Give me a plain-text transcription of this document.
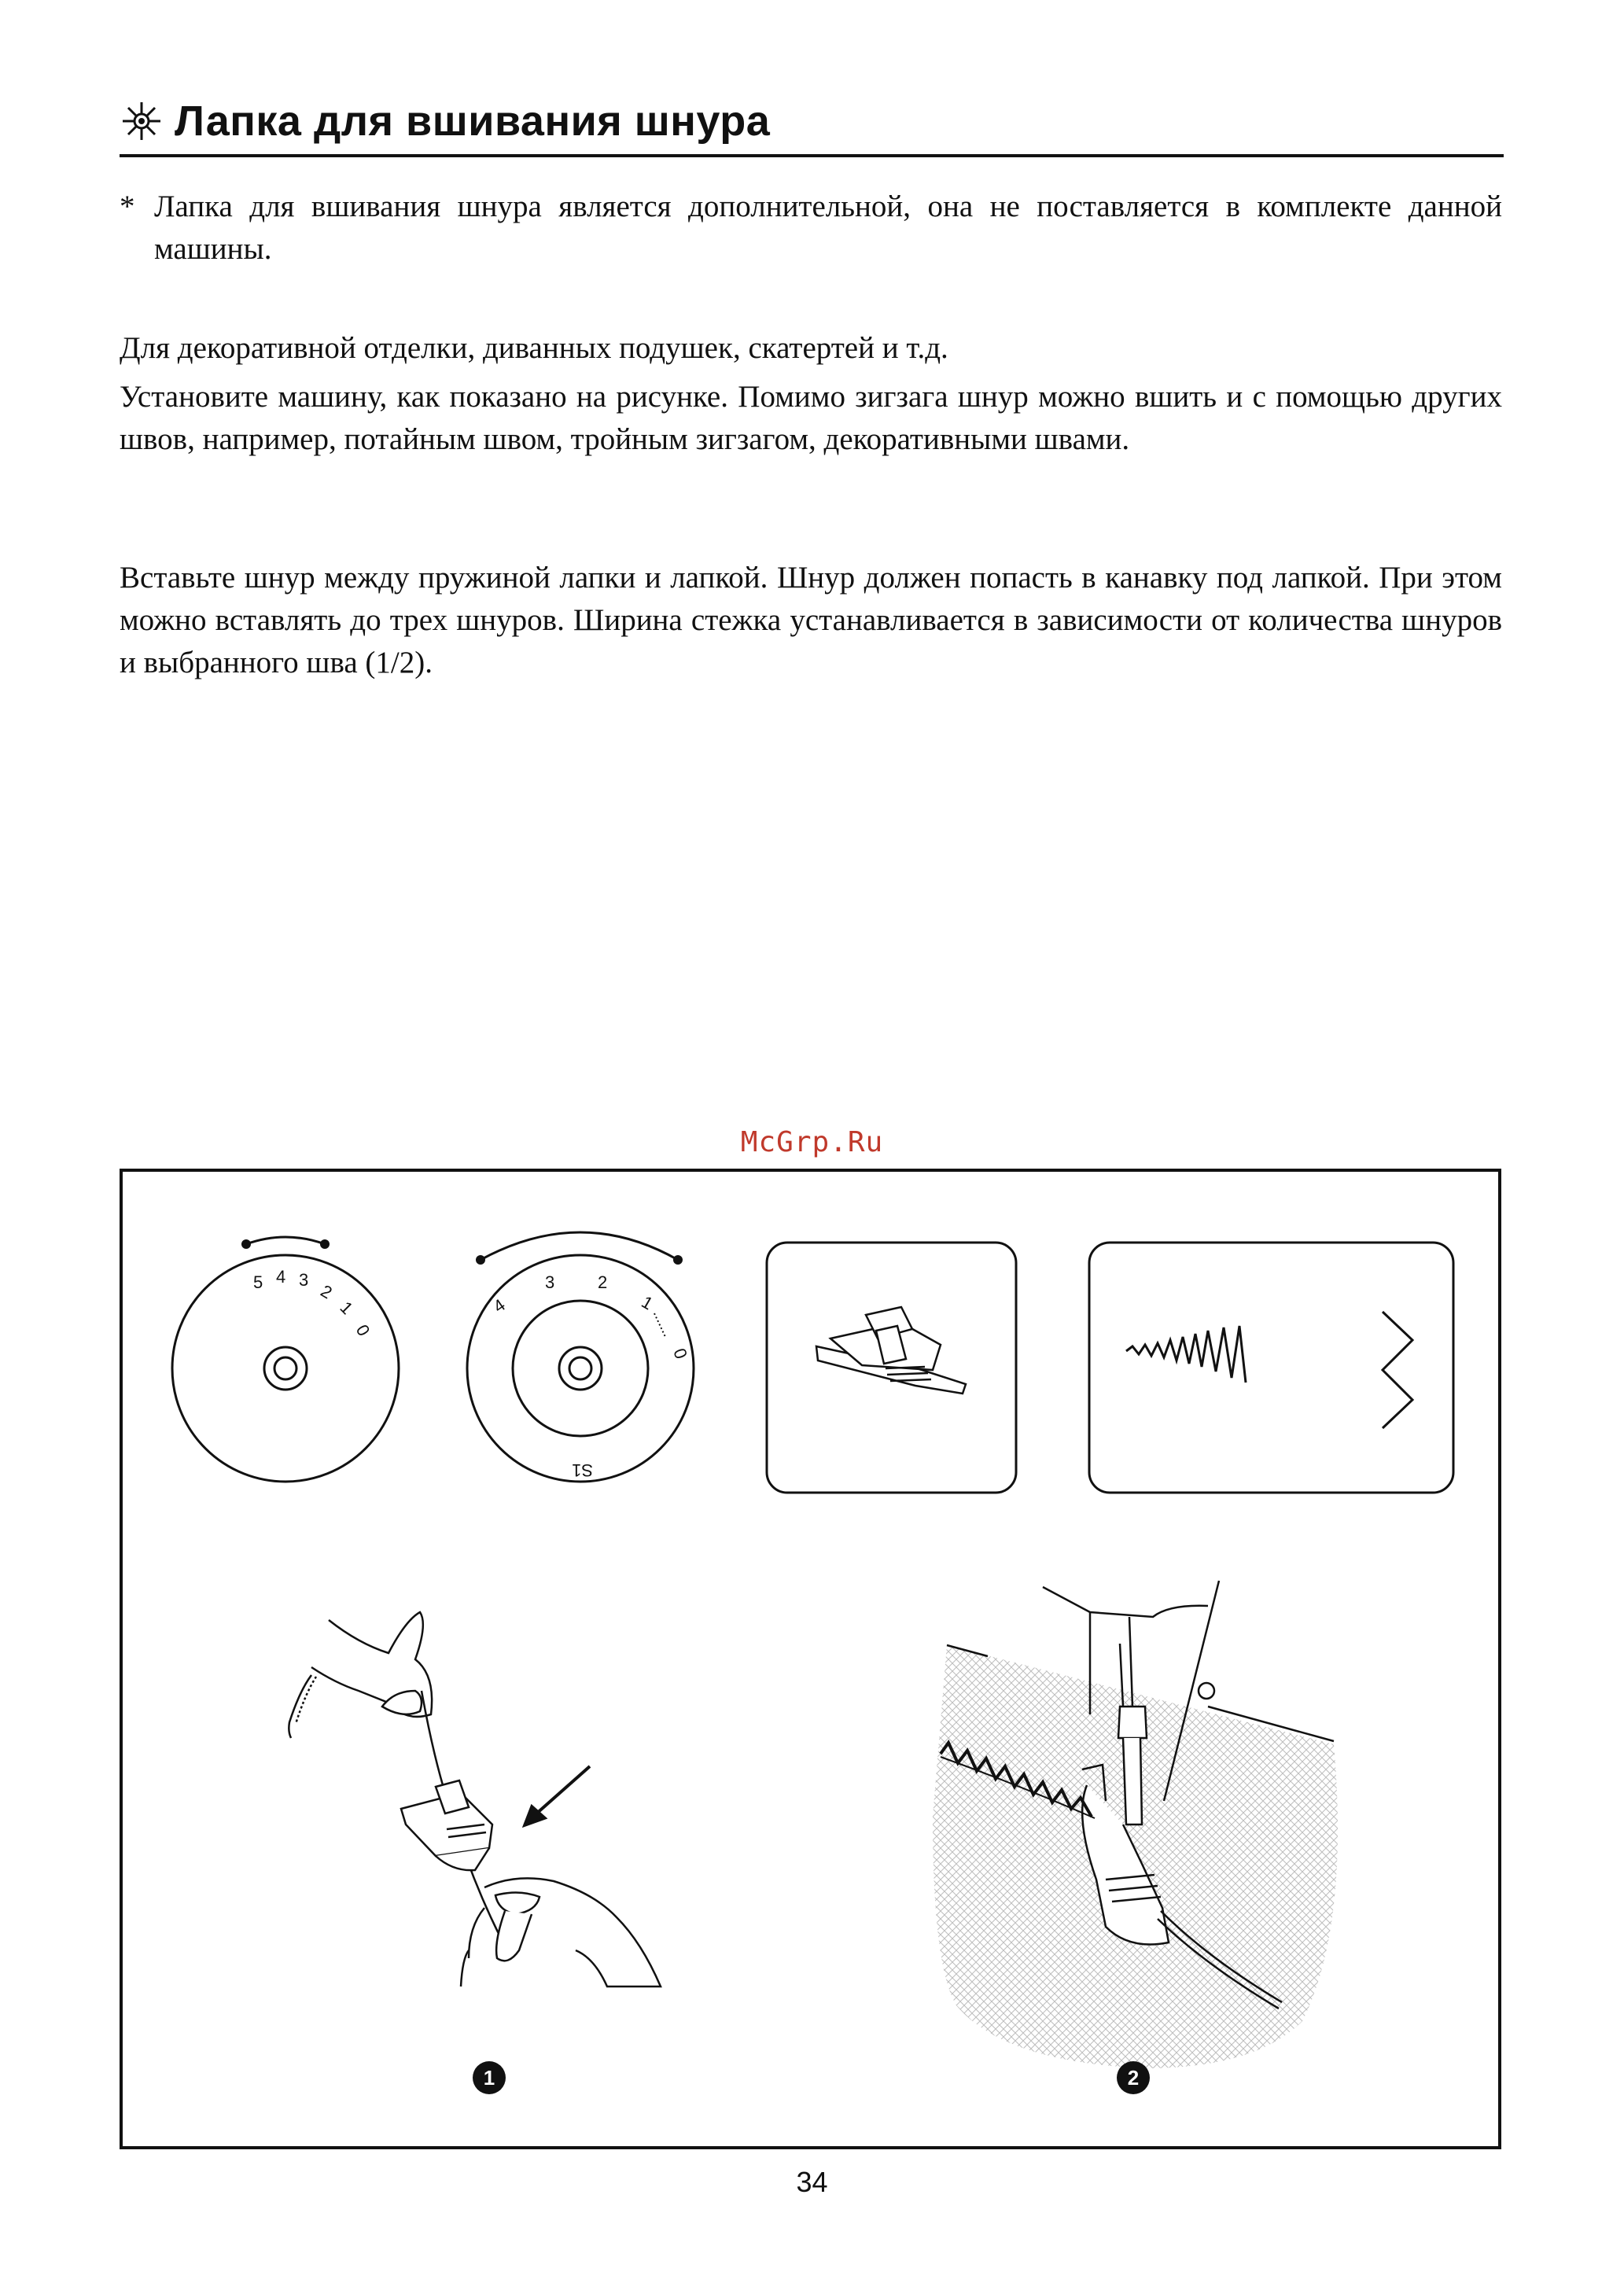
Лапка для вшивания шнура
* Лапка для вшивания шнура является дополнительной, она не поставляется в комплекте данной машины.

Для декоративной отделки, диванных подушек, скатертей и т.д.

Установите машину, как показано на рисунке. Помимо зигзага шнур можно вшить и с помощью других швов, например, потайным швом, тройным зигзагом, декоративными швами.

Вставьте шнур между пружиной лапки и лапкой. Шнур должен попасть в канавку под лапкой. При этом можно вставлять до трех шнуров. Ширина стежка устанавливается в зависимости от количества шнуров и выбранного шва (1/2).

McGrp.Ru
5 4 3
2
1
0
4
3 2
1
0
S1
1	2
34
